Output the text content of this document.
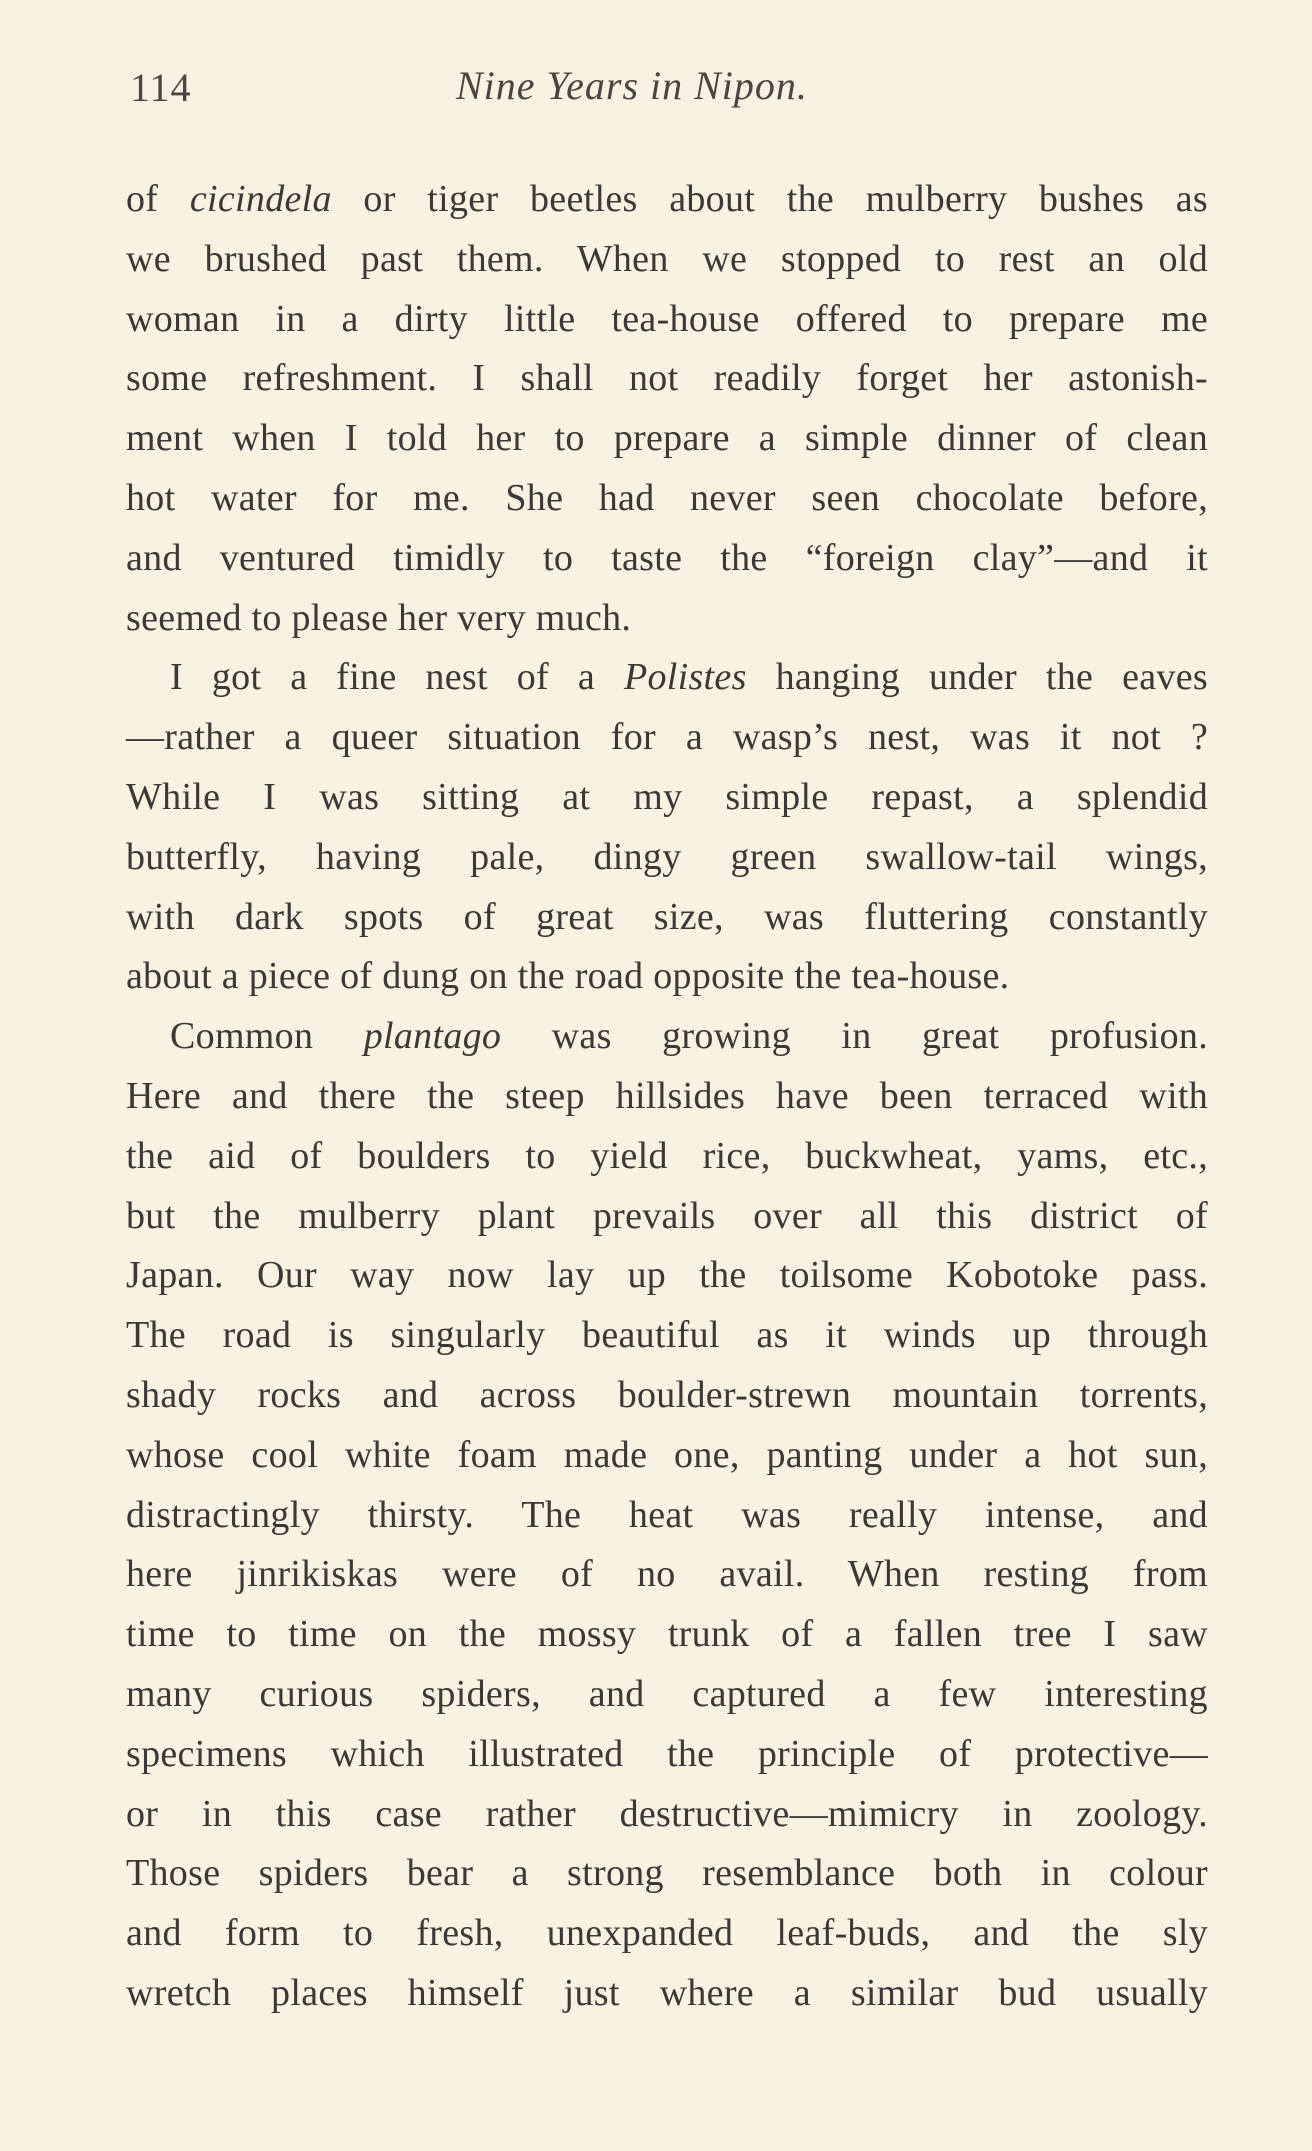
114	Nine Years in Nipon.
of cicindela or tiger beetles about the mulberry bushes as
we brushed past them. When we stopped to rest an old
woman in a dirty little tea-house offered to prepare me
some refreshment. I shall not readily forget her astonish-
ment when I told her to prepare a simple dinner of clean
hot water for me. She had never seen chocolate before,
and ventured timidly to taste the “foreign clay”—and it
seemed to please her very much.
I got a fine nest of a Polistes hanging under the eaves
—rather a queer situation for a wasp’s nest, was it not ?
While I was sitting at my simple repast, a splendid
butterfly, having pale, dingy green swallow-tail wings,
with dark spots of great size, was fluttering constantly
about a piece of dung on the road opposite the tea-house.
Common plantago was growing in great profusion.
Here and there the steep hillsides have been terraced with
the aid of boulders to yield rice, buckwheat, yams, etc.,
but the mulberry plant prevails over all this district of
Japan. Our way now lay up the toilsome Kobotoke pass.
The road is singularly beautiful as it winds up through
shady rocks and across boulder-strewn mountain torrents,
whose cool white foam made one, panting under a hot sun,
distractingly thirsty. The heat was really intense, and
here jinrikiskas were of no avail. When resting from
time to time on the mossy trunk of a fallen tree I saw
many curious spiders, and captured a few interesting
specimens which illustrated the principle of protective—
or in this case rather destructive—mimicry in zoology.
Those spiders bear a strong resemblance both in colour
and form to fresh, unexpanded leaf-buds, and the sly
wretch places himself just where a similar bud usually
